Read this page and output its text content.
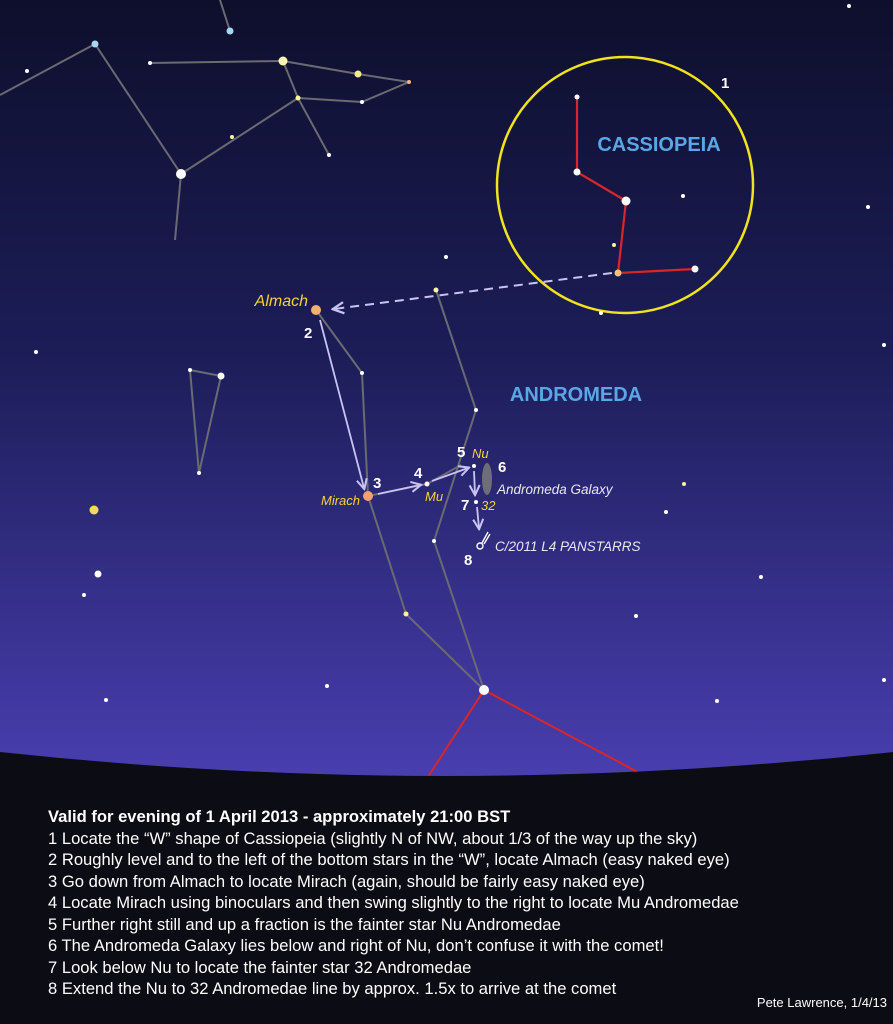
CASSIOPEIA
ANDROMEDA
Almach
Mirach	Mu
Nu
32
Andromeda Galaxy
C/2011 L4 PANSTARRS
1
2
3
4
5
6
7
8
Valid for evening of 1 April 2013 - approximately 21:00 BST
1 Locate the “W” shape of Cassiopeia (slightly N of NW, about 1/3 of the way up the sky)
2 Roughly level and to the left of the bottom stars in the “W”, locate Almach (easy naked eye)
3 Go down from Almach to locate Mirach (again, should be fairly easy naked eye)
4 Locate Mirach using binoculars and then swing slightly to the right to locate Mu Andromedae
5 Further right still and up a fraction is the fainter star Nu Andromedae
6 The Andromeda Galaxy lies below and right of Nu, don’t confuse it with the comet!
7 Look below Nu to locate the fainter star 32 Andromedae
8 Extend the Nu to 32 Andromedae line by approx. 1.5x to arrive at the comet
Pete Lawrence, 1/4/13
